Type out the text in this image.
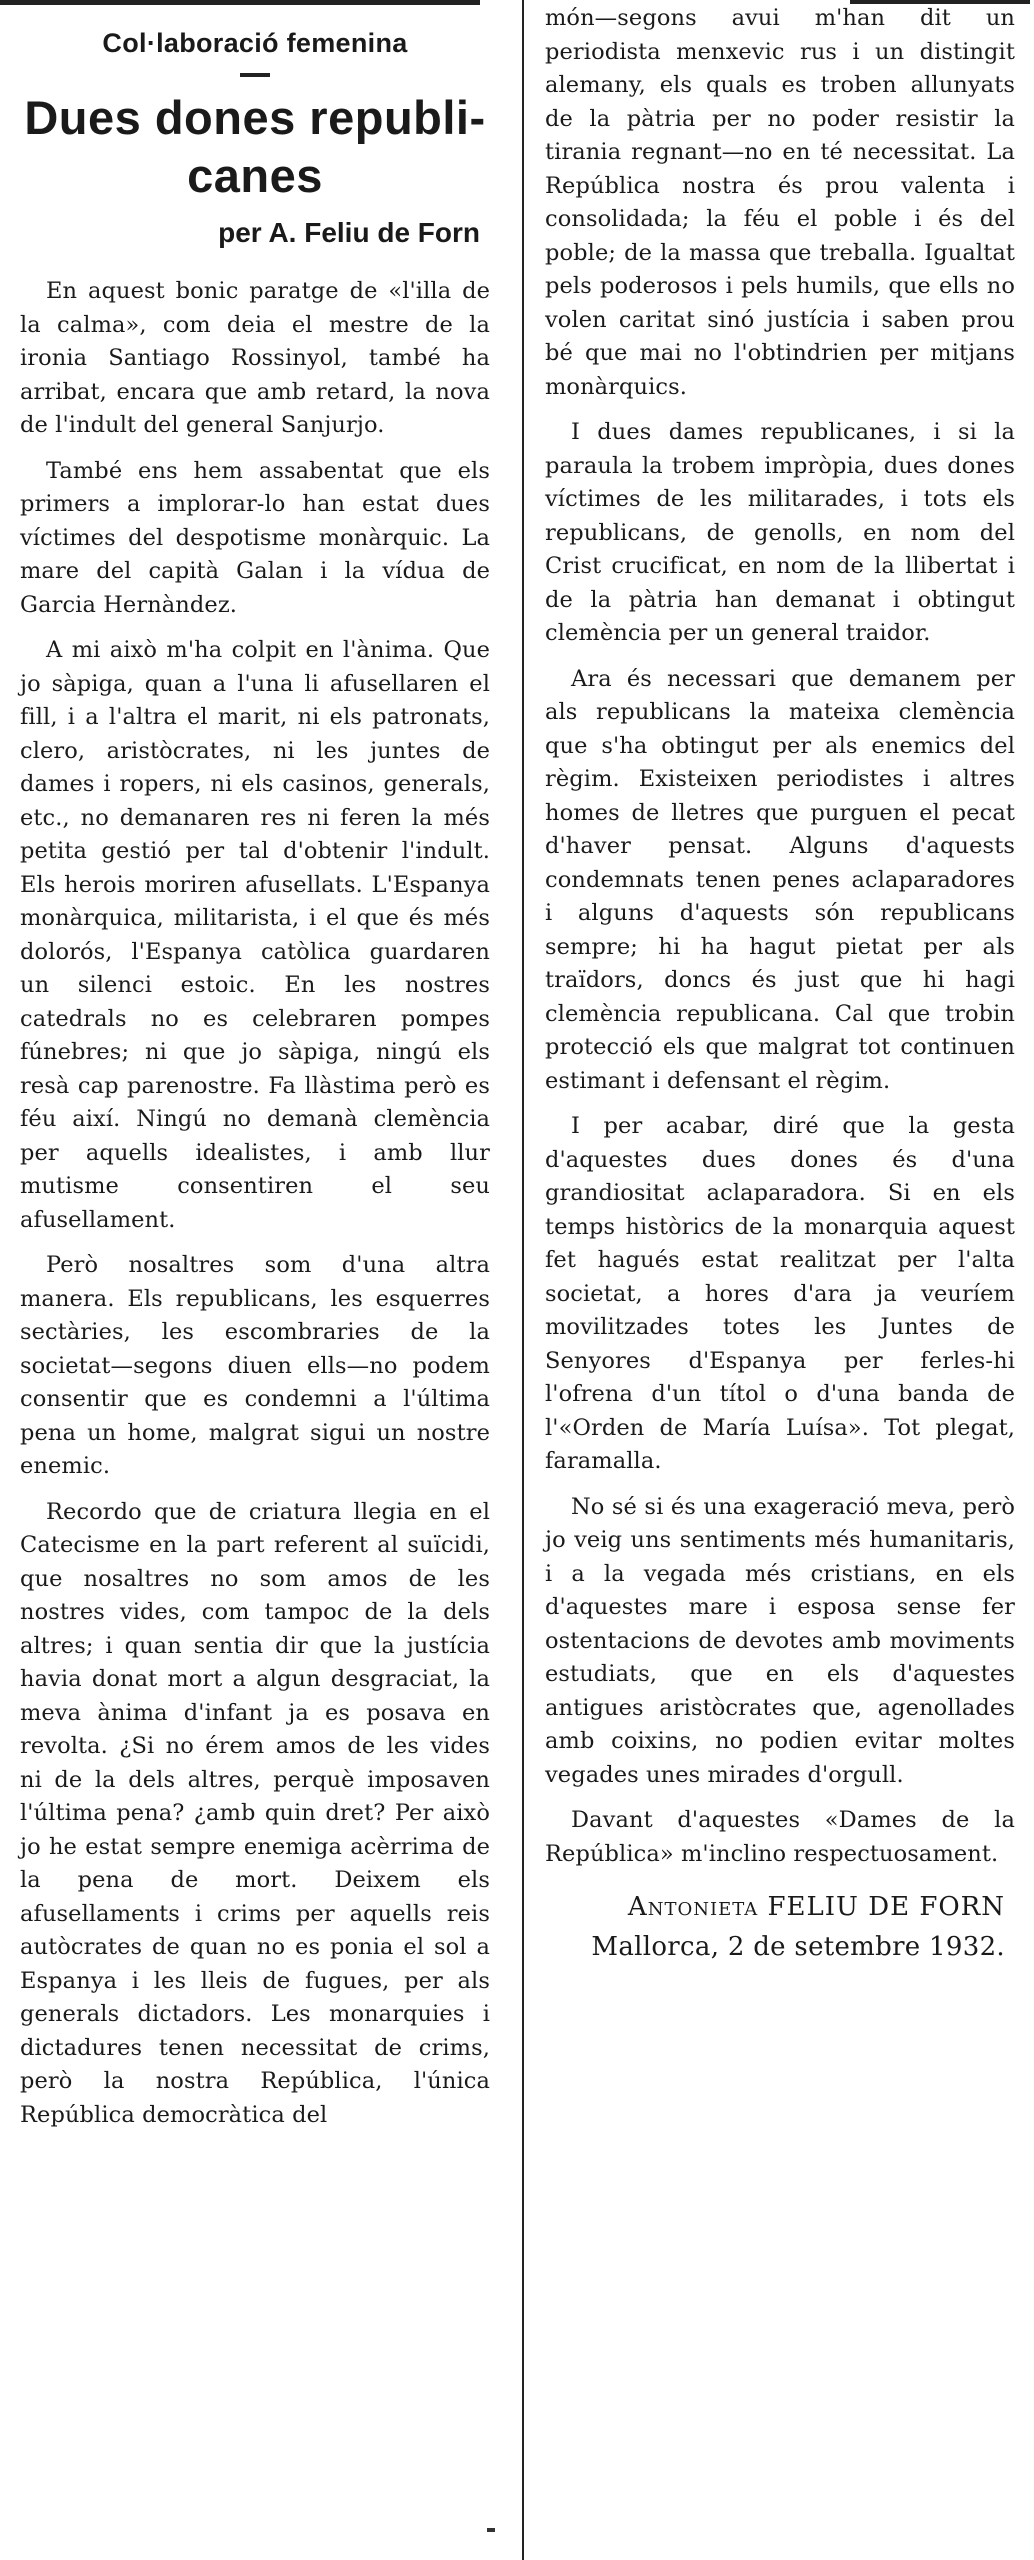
Col·laboració femenina
Dues dones republi-canes
per A. Feliu de Forn

En aquest bonic paratge de «l'illa de la calma», com deia el mestre de la ironia Santiago Rossinyol, també ha arribat, encara que amb retard, la nova de l'indult del general Sanjurjo.

També ens hem assabentat que els primers a implorar-lo han estat dues víctimes del despotisme monàrquic. La mare del capità Galan i la vídua de Garcia Hernàndez.

A mi això m'ha colpit en l'ànima. Que jo sàpiga, quan a l'una li afusellaren el fill, i a l'altra el marit, ni els patronats, clero, aristòcrates, ni les juntes de dames i ropers, ni els casinos, generals, etc., no demanaren res ni feren la més petita gestió per tal d'obtenir l'indult. Els herois moriren afusellats. L'Espanya monàrquica, militarista, i el que és més dolorós, l'Espanya catòlica guardaren un silenci estoic. En les nostres catedrals no es celebraren pompes fúnebres; ni que jo sàpiga, ningú els resà cap parenostre. Fa llàstima però es féu així. Ningú no demanà clemència per aquells idealistes, i amb llur mutisme consentiren el seu afusellament.

Però nosaltres som d'una altra manera. Els republicans, les esquerres sectàries, les escombraries de la societat—segons diuen ells—no podem consentir que es condemni a l'última pena un home, malgrat sigui un nostre enemic.

Recordo que de criatura llegia en el Catecisme en la part referent al suïcidi, que nosaltres no som amos de les nostres vides, com tampoc de la dels altres; i quan sentia dir que la justícia havia donat mort a algun desgraciat, la meva ànima d'infant ja es posava en revolta. ¿Si no érem amos de les vides ni de la dels altres, perquè imposaven l'última pena? ¿amb quin dret? Per això jo he estat sempre enemiga acèrrima de la pena de mort. Deixem els afusellaments i crims per aquells reis autòcrates de quan no es ponia el sol a Espanya i les lleis de fugues, per als generals dictadors. Les monarquies i dictadures tenen necessitat de crims, però la nostra República, l'única República democràtica del

món—segons avui m'han dit un periodista menxevic rus i un distingit alemany, els quals es troben allunyats de la pàtria per no poder resistir la tirania regnant—no en té necessitat. La República nostra és prou valenta i consolidada; la féu el poble i és del poble; de la massa que treballa. Igualtat pels poderosos i pels humils, que ells no volen caritat sinó justícia i saben prou bé que mai no l'obtindrien per mitjans monàrquics.

I dues dames republicanes, i si la paraula la trobem impròpia, dues dones víctimes de les militarades, i tots els republicans, de genolls, en nom del Crist crucificat, en nom de la llibertat i de la pàtria han demanat i obtingut clemència per un general traidor.

Ara és necessari que demanem per als republicans la mateixa clemència que s'ha obtingut per als enemics del règim. Existeixen periodistes i altres homes de lletres que purguen el pecat d'haver pensat. Alguns d'aquests condemnats tenen penes aclaparadores i alguns d'aquests són republicans sempre; hi ha hagut pietat per als traïdors, doncs és just que hi hagi clemència republicana. Cal que trobin protecció els que malgrat tot continuen estimant i defensant el règim.

I per acabar, diré que la gesta d'aquestes dues dones és d'una grandiositat aclaparadora. Si en els temps històrics de la monarquia aquest fet hagués estat realitzat per l'alta societat, a hores d'ara ja veuríem movilitzades totes les Juntes de Senyores d'Espanya per ferles-hi l'ofrena d'un títol o d'una banda de l'«Orden de María Luísa». Tot plegat, faramalla.

No sé si és una exageració meva, però jo veig uns sentiments més humanitaris, i a la vegada més cristians, en els d'aquestes mare i esposa sense fer ostentacions de devotes amb moviments estudiats, que en els d'aquestes antigues aristòcrates que, agenollades amb coixins, no podien evitar moltes vegades unes mirades d'orgull.

Davant d'aquestes «Dames de la República» m'inclino respectuosament.

Antonieta FELIU DE FORN
Mallorca, 2 de setembre 1932.
